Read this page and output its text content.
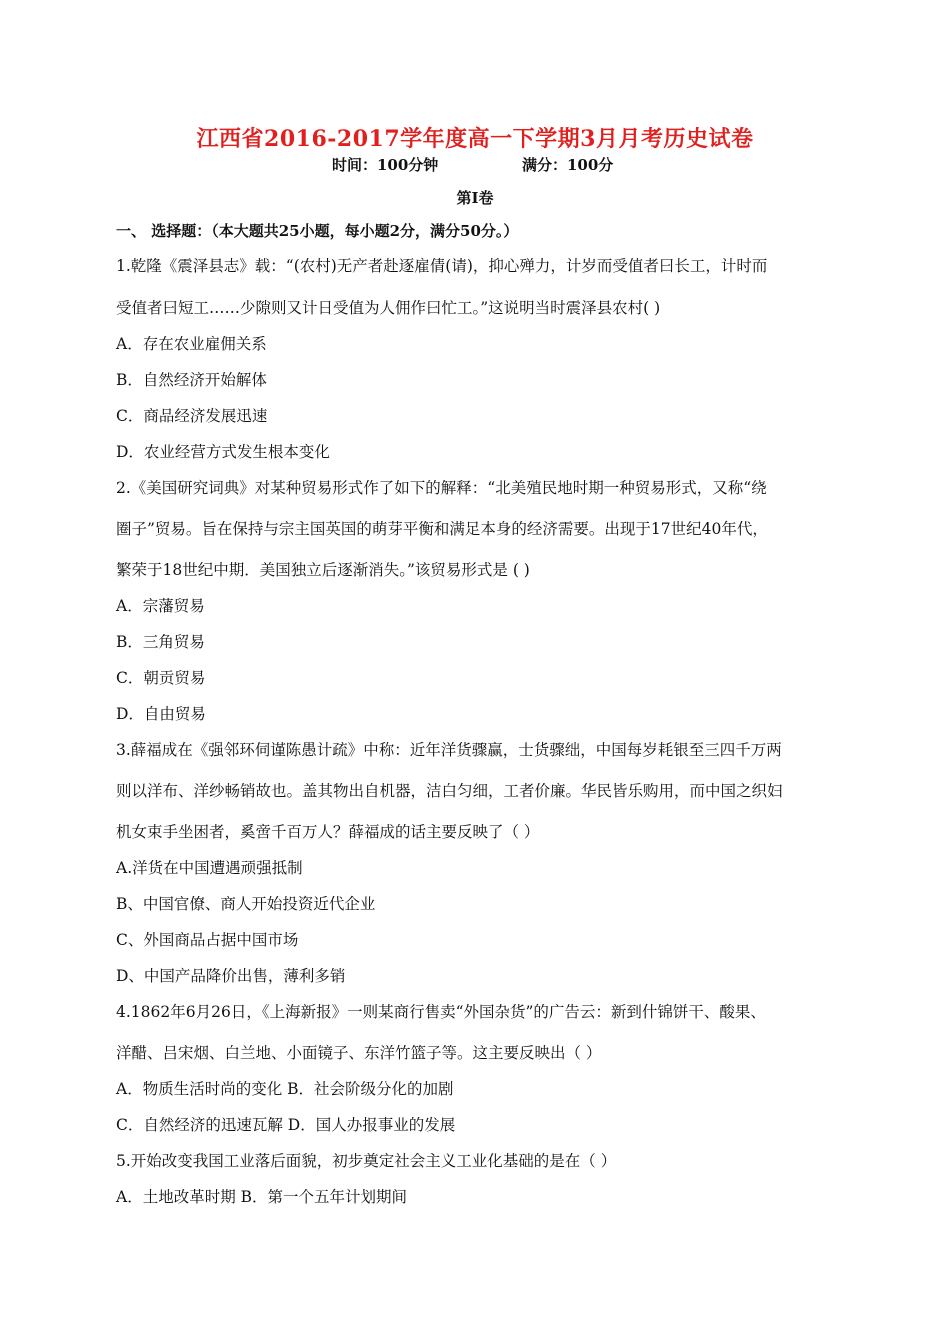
江西省2016-2017学年度高一下学期3月月考历史试卷
时间：100分钟	满分：100分
第I卷
一、 选择题：（本大题共25小题，每小题2分，满分50分。）
1.乾隆《震泽县志》载：“(农村)无产者赴逐雇倩(请)，抑心殚力，计岁而受值者曰长工，计时而
受值者曰短工……少隙则又计日受值为人佣作曰忙工。”这说明当时震泽县农村( )
A．存在农业雇佣关系
B．自然经济开始解体
C．商品经济发展迅速
D．农业经营方式发生根本变化
2.《美国研究词典》对某种贸易形式作了如下的解释：“北美殖民地时期一种贸易形式，又称“绕
圈子”贸易。旨在保持与宗主国英国的萌芽平衡和满足本身的经济需要。出现于17世纪40年代，
繁荣于18世纪中期．美国独立后逐渐消失。”该贸易形式是 ( )
A．宗藩贸易
B．三角贸易
C．朝贡贸易
D．自由贸易
3.薛福成在《强邻环伺谨陈愚计疏》中称：近年洋货骤赢，士货骤绌，中国每岁耗银至三四千万两
则以洋布、洋纱畅销故也。盖其物出自机器，洁白匀细，工者价廉。华民皆乐购用，而中国之织妇
机女束手坐困者，奚啻千百万人？薛福成的话主要反映了（ ）
A.洋货在中国遭遇顽强抵制
B、中国官僚、商人开始投资近代企业
C、外国商品占据中国市场
D、中国产品降价出售，薄利多销
4.1862年6月26日，《上海新报》一则某商行售卖“外国杂货”的广告云：新到什锦饼干、酸果、
洋醋、吕宋烟、白兰地、小面镜子、东洋竹篮子等。这主要反映出（ ）
A．物质生活时尚的变化 B．社会阶级分化的加剧
C．自然经济的迅速瓦解 D．国人办报事业的发展
5.开始改变我国工业落后面貌，初步奠定社会主义工业化基础的是在（ ）
A．土地改革时期 B．第一个五年计划期间
